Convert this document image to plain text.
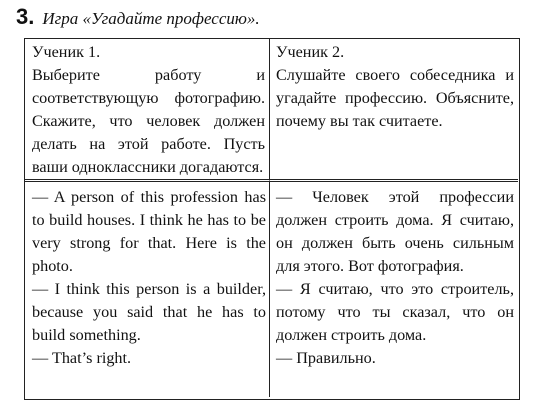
3. Игра «Угадайте профессию».
Ученик 1.

Выберите работу и соответствующую фотографию. Скажите, что человек должен делать на этой работе. Пусть ваши одноклассники догадаются.

Ученик 2.

Слушайте своего собеседника и угадайте профессию. Объясните, почему вы так считаете.

— A person of this profession has to build houses. I think he has to be very strong for that. Here is the photo.

— I think this person is a builder, because you said that he has to build something.

— That’s right.

— Человек этой профессии должен строить дома. Я считаю, он должен быть очень сильным для этого. Вот фотография.

— Я считаю, что это строитель, потому что ты сказал, что он должен строить дома.

— Правильно.
